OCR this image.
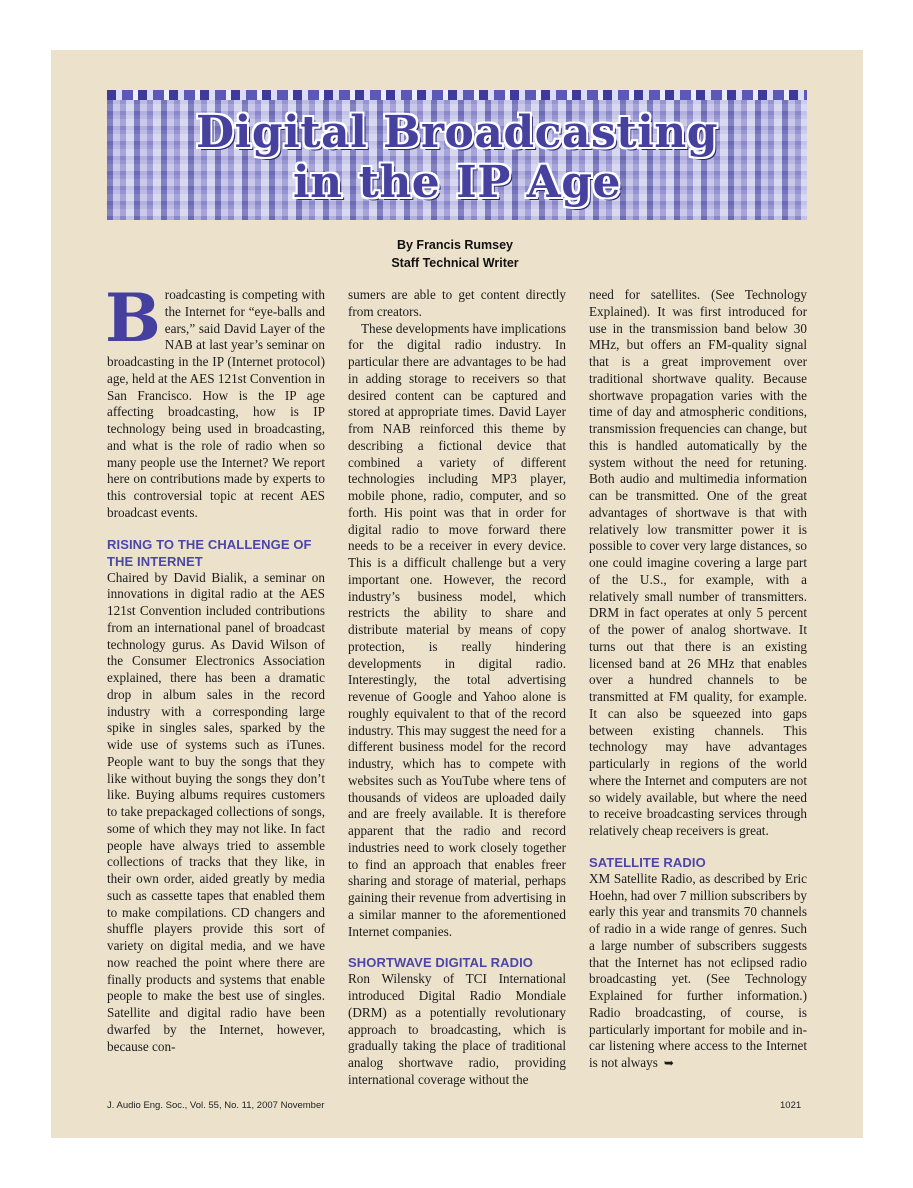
Digital Broadcasting
in the IP Age
By Francis Rumsey
Staff Technical Writer

Broadcasting is competing with the Internet for “eye-balls and ears,” said David Layer of the NAB at last year’s seminar on broadcasting in the IP (Internet protocol) age, held at the AES 121st Convention in San Francisco. How is the IP age affecting broadcasting, how is IP technology being used in broadcasting, and what is the role of radio when so many people use the Internet? We report here on contributions made by experts to this controversial topic at recent AES broadcast events.

RISING TO THE CHALLENGE OF THE INTERNET

Chaired by David Bialik, a seminar on innovations in digital radio at the AES 121st Convention included contributions from an international panel of broadcast technology gurus. As David Wilson of the Consumer Electronics Association explained, there has been a dramatic drop in album sales in the record industry with a corresponding large spike in singles sales, sparked by the wide use of systems such as iTunes. People want to buy the songs that they like without buying the songs they don’t like. Buying albums requires customers to take prepackaged collections of songs, some of which they may not like. In fact people have always tried to assemble collections of tracks that they like, in their own order, aided greatly by media such as cassette tapes that enabled them to make compilations. CD changers and shuffle players provide this sort of variety on digital media, and we have now reached the point where there are finally products and systems that enable people to make the best use of singles. Satellite and digital radio have been dwarfed by the Internet, however, because con-

sumers are able to get content directly from creators.

These developments have implications for the digital radio industry. In particular there are advantages to be had in adding storage to receivers so that desired content can be captured and stored at appropriate times. David Layer from NAB reinforced this theme by describing a fictional device that combined a variety of different technologies including MP3 player, mobile phone, radio, computer, and so forth. His point was that in order for digital radio to move forward there needs to be a receiver in every device. This is a difficult challenge but a very important one. However, the record industry’s business model, which restricts the ability to share and distribute material by means of copy protection, is really hindering developments in digital radio. Interestingly, the total advertising revenue of Google and Yahoo alone is roughly equivalent to that of the record industry. This may suggest the need for a different business model for the record industry, which has to compete with websites such as YouTube where tens of thousands of videos are uploaded daily and are freely available. It is therefore apparent that the radio and record industries need to work closely together to find an approach that enables freer sharing and storage of material, perhaps gaining their revenue from advertising in a similar manner to the aforementioned Internet companies.

SHORTWAVE DIGITAL RADIO

Ron Wilensky of TCI International introduced Digital Radio Mondiale (DRM) as a potentially revolutionary approach to broadcasting, which is gradually taking the place of traditional analog shortwave radio, providing international coverage without the

need for satellites. (See Technology Explained). It was first introduced for use in the transmission band below 30 MHz, but offers an FM-quality signal that is a great improvement over traditional shortwave quality. Because shortwave propagation varies with the time of day and atmospheric conditions, transmission frequencies can change, but this is handled automatically by the system without the need for retuning. Both audio and multimedia information can be transmitted. One of the great advantages of shortwave is that with relatively low transmitter power it is possible to cover very large distances, so one could imagine covering a large part of the U.S., for example, with a relatively small number of transmitters. DRM in fact operates at only 5 percent of the power of analog shortwave. It turns out that there is an existing licensed band at 26 MHz that enables over a hundred channels to be transmitted at FM quality, for example. It can also be squeezed into gaps between existing channels. This technology may have advantages particularly in regions of the world where the Internet and computers are not so widely available, but where the need to receive broadcasting services through relatively cheap receivers is great.

SATELLITE RADIO

XM Satellite Radio, as described by Eric Hoehn, had over 7 million subscribers by early this year and transmits 70 channels of radio in a wide range of genres. Such a large number of subscribers suggests that the Internet has not eclipsed radio broadcasting yet. (See Technology Explained for further information.) Radio broadcasting, of course, is particularly important for mobile and in-car listening where access to the Internet is not always ➥

J. Audio Eng. Soc., Vol. 55, No. 11, 2007 November	1021
